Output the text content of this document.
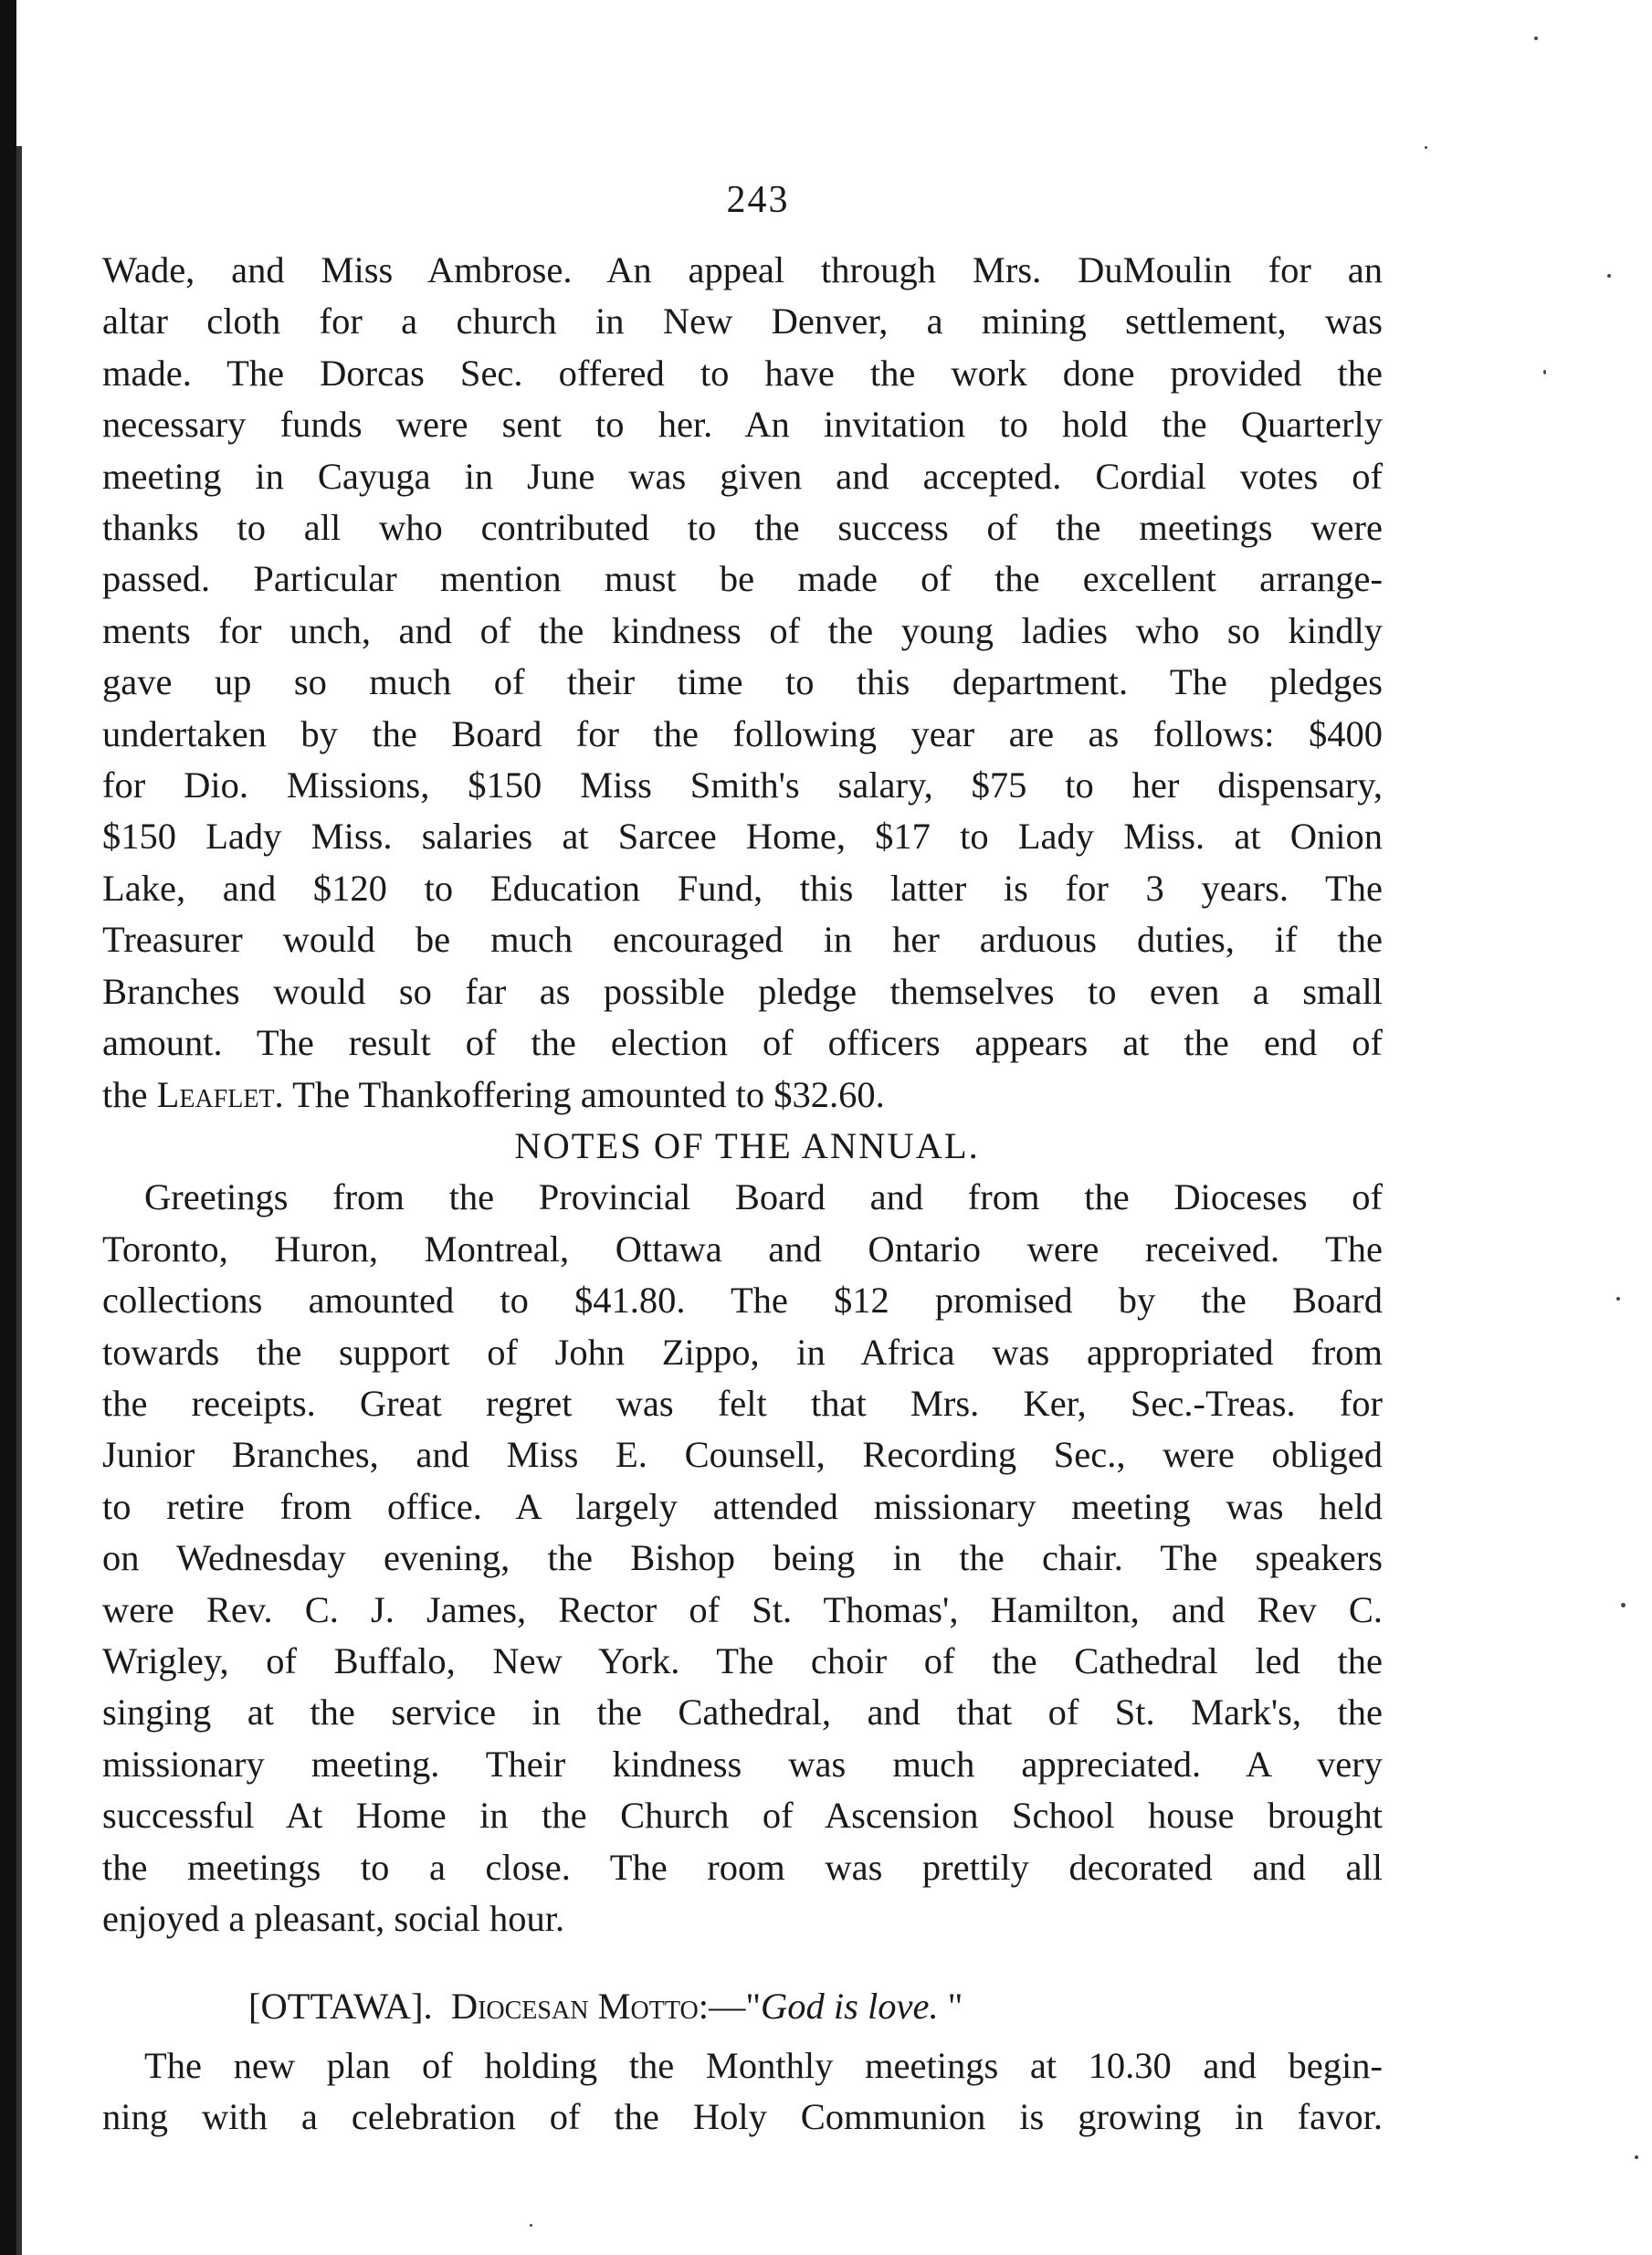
243
Wade, and Miss Ambrose. An appeal through Mrs. DuMoulin for an
altar cloth for a church in New Denver, a mining settlement, was
made. The Dorcas Sec. offered to have the work done provided the
necessary funds were sent to her. An invitation to hold the Quarterly
meeting in Cayuga in June was given and accepted. Cordial votes of
thanks to all who contributed to the success of the meetings were
passed. Particular mention must be made of the excellent arrange-
ments for unch, and of the kindness of the young ladies who so kindly
gave up so much of their time to this department. The pledges
undertaken by the Board for the following year are as follows: $400
for Dio. Missions, $150 Miss Smith's salary, $75 to her dispensary,
$150 Lady Miss. salaries at Sarcee Home, $17 to Lady Miss. at Onion
Lake, and $120 to Education Fund, this latter is for 3 years. The
Treasurer would be much encouraged in her arduous duties, if the
Branches would so far as possible pledge themselves to even a small
amount. The result of the election of officers appears at the end of
the Leaflet. The Thankoffering amounted to $32.60.
NOTES OF THE ANNUAL.
Greetings from the Provincial Board and from the Dioceses of
Toronto, Huron, Montreal, Ottawa and Ontario were received. The
collections amounted to $41.80. The $12 promised by the Board
towards the support of John Zippo, in Africa was appropriated from
the receipts. Great regret was felt that Mrs. Ker, Sec.-Treas. for
Junior Branches, and Miss E. Counsell, Recording Sec., were obliged
to retire from office. A largely attended missionary meeting was held
on Wednesday evening, the Bishop being in the chair. The speakers
were Rev. C. J. James, Rector of St. Thomas', Hamilton, and Rev C.
Wrigley, of Buffalo, New York. The choir of the Cathedral led the
singing at the service in the Cathedral, and that of St. Mark's, the
missionary meeting. Their kindness was much appreciated. A very
successful At Home in the Church of Ascension School house brought
the meetings to a close. The room was prettily decorated and all
enjoyed a pleasant, social hour.
[OTTAWA]. Diocesan Motto:—"God is love. "
The new plan of holding the Monthly meetings at 10.30 and begin-
ning with a celebration of the Holy Communion is growing in favor.
